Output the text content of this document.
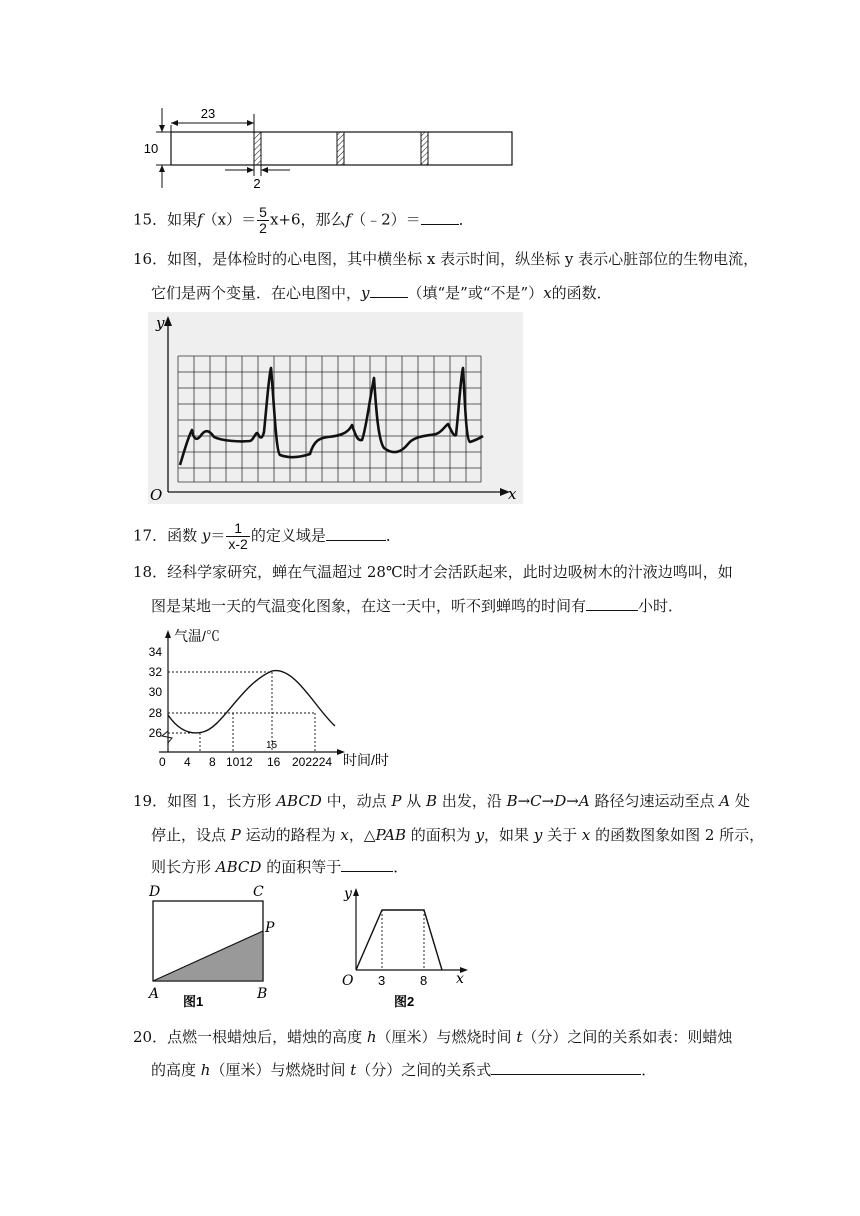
23
10
2
15．如果$f(x)= \frac{5}{2} x+6$，那么f（﹣2）＝	．
16．如图，是体检时的心电图，其中横坐标 x 表示时间，纵坐标 y 表示心脏部位的生物电流，
它们是两个变量．在心电图中，y	（填“是”或“不是”）x的函数．
y
x
O
17．函数 $y= \frac{1}{x-2}$ 的定义域是	．
18．经科学家研究，蝉在气温超过 28℃时才会活跃起来，此时边吸树木的汁液边鸣叫，如
图是某地一天的气温变化图象，在这一天中，听不到蝉鸣的时间有	小时．
气温/℃
时间/时
34
32
30
28
26
0 4 8 1012 16 202224
15
19．如图 1，长方形 ABCD 中，动点 P 从 B 出发，沿 B→C→D→A 路径匀速运动至点 A 处
停止，设点 P 运动的路程为 x，△PAB 的面积为 y，如果 y 关于 x 的函数图象如图 2 所示，
则长方形 ABCD 的面积等于	．
D	C
P
A	B
图1
y
O 3	8 x
图2
20．点燃一根蜡烛后，蜡烛的高度 h（厘米）与燃烧时间 t（分）之间的关系如表：则蜡烛
的高度 h（厘米）与燃烧时间 t（分）之间的关系式	．
